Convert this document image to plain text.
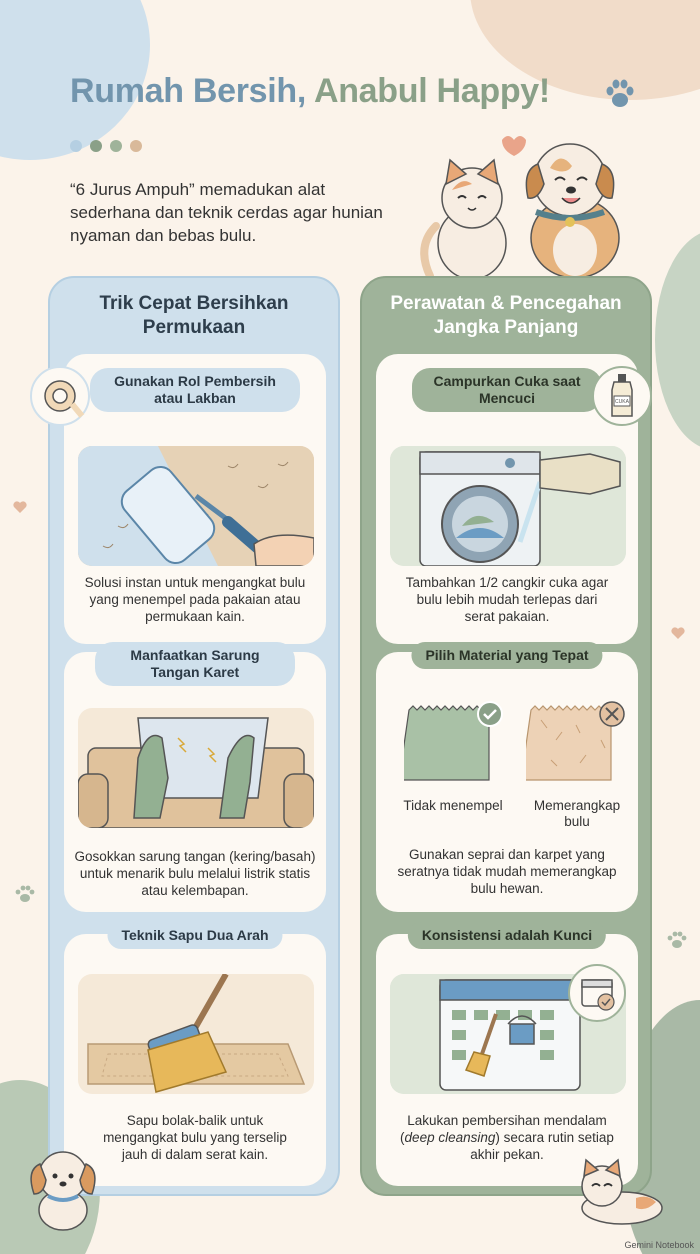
Rumah Bersih, Anabul Happy!
“6 Jurus Ampuh” memadukan alat sederhana dan teknik cerdas agar hunian nyaman dan bebas bulu.
Trik Cepat Bersihkan Permukaan
Gunakan Rol Pembersih atau Lakban
Solusi instan untuk mengangkat bulu yang menempel pada pakaian atau permukaan kain.
Manfaatkan Sarung Tangan Karet
Gosokkan sarung tangan (kering/basah) untuk menarik bulu melalui listrik statis atau kelembapan.
Teknik Sapu Dua Arah
Sapu bolak-balik untuk mengangkat bulu yang terselip jauh di dalam serat kain.
Perawatan & Pencegahan Jangka Panjang
Campurkan Cuka saat Mencuci
Tambahkan 1/2 cangkir cuka agar bulu lebih mudah terlepas dari serat pakaian.
CUKA
Pilih Material yang Tepat
Tidak menempel	Memerangkap bulu
Gunakan seprai dan karpet yang seratnya tidak mudah memerangkap bulu hewan.
Konsistensi adalah Kunci
Lakukan pembersihan mendalam (deep cleansing) secara rutin setiap akhir pekan.
Gemini Notebook
